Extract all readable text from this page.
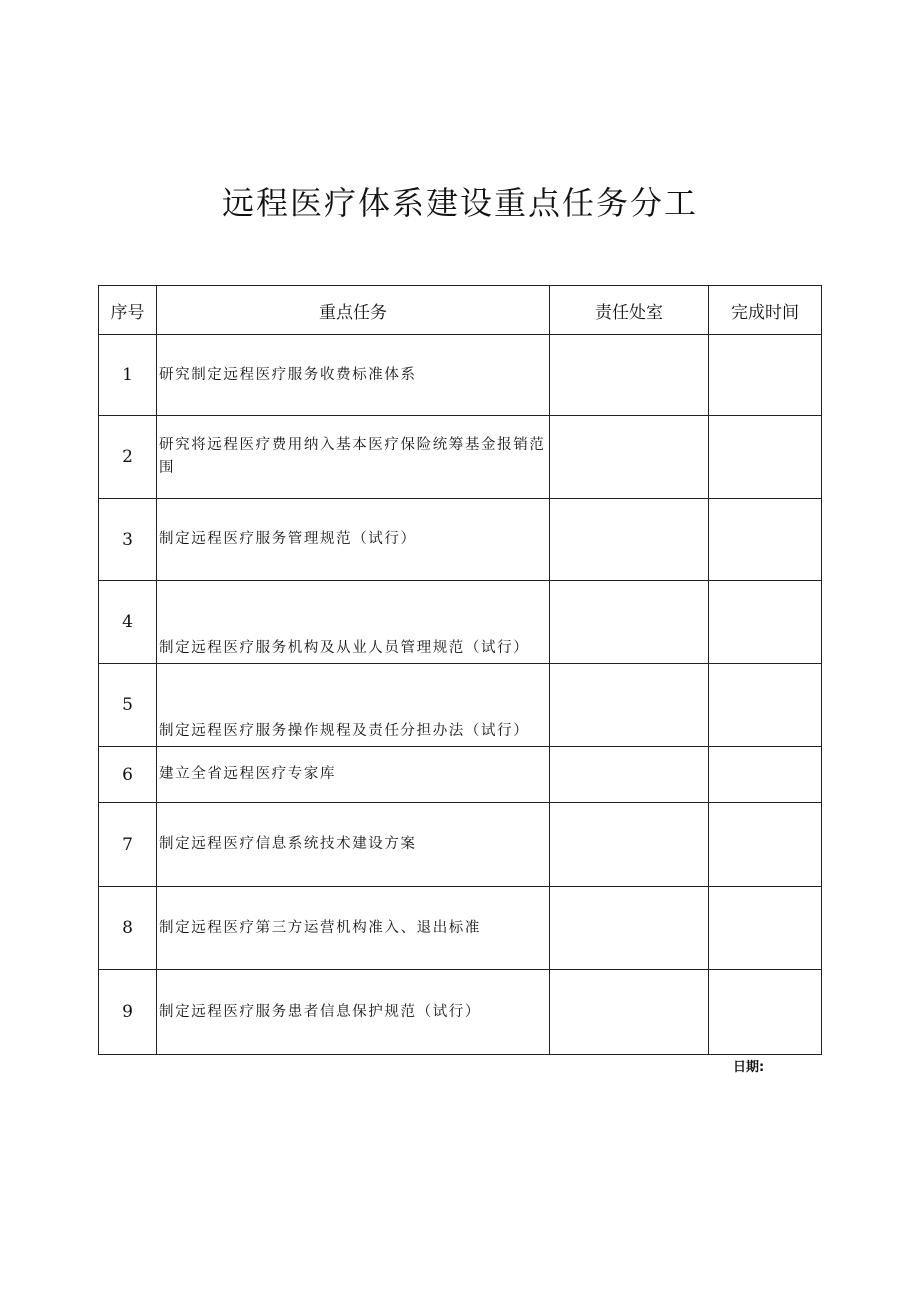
远程医疗体系建设重点任务分工
序号	重点任务	责任处室	完成时间
1	研究制定远程医疗服务收费标准体系		
2	研究将远程医疗费用纳入基本医疗保险统筹基金报销范围		
3	制定远程医疗服务管理规范（试行）		
4	制定远程医疗服务机构及从业人员管理规范（试行）		
5	制定远程医疗服务操作规程及责任分担办法（试行）		
6	建立全省远程医疗专家库		
7	制定远程医疗信息系统技术建设方案		
8	制定远程医疗第三方运营机构准入、退出标准		
9	制定远程医疗服务患者信息保护规范（试行）		
日期:
